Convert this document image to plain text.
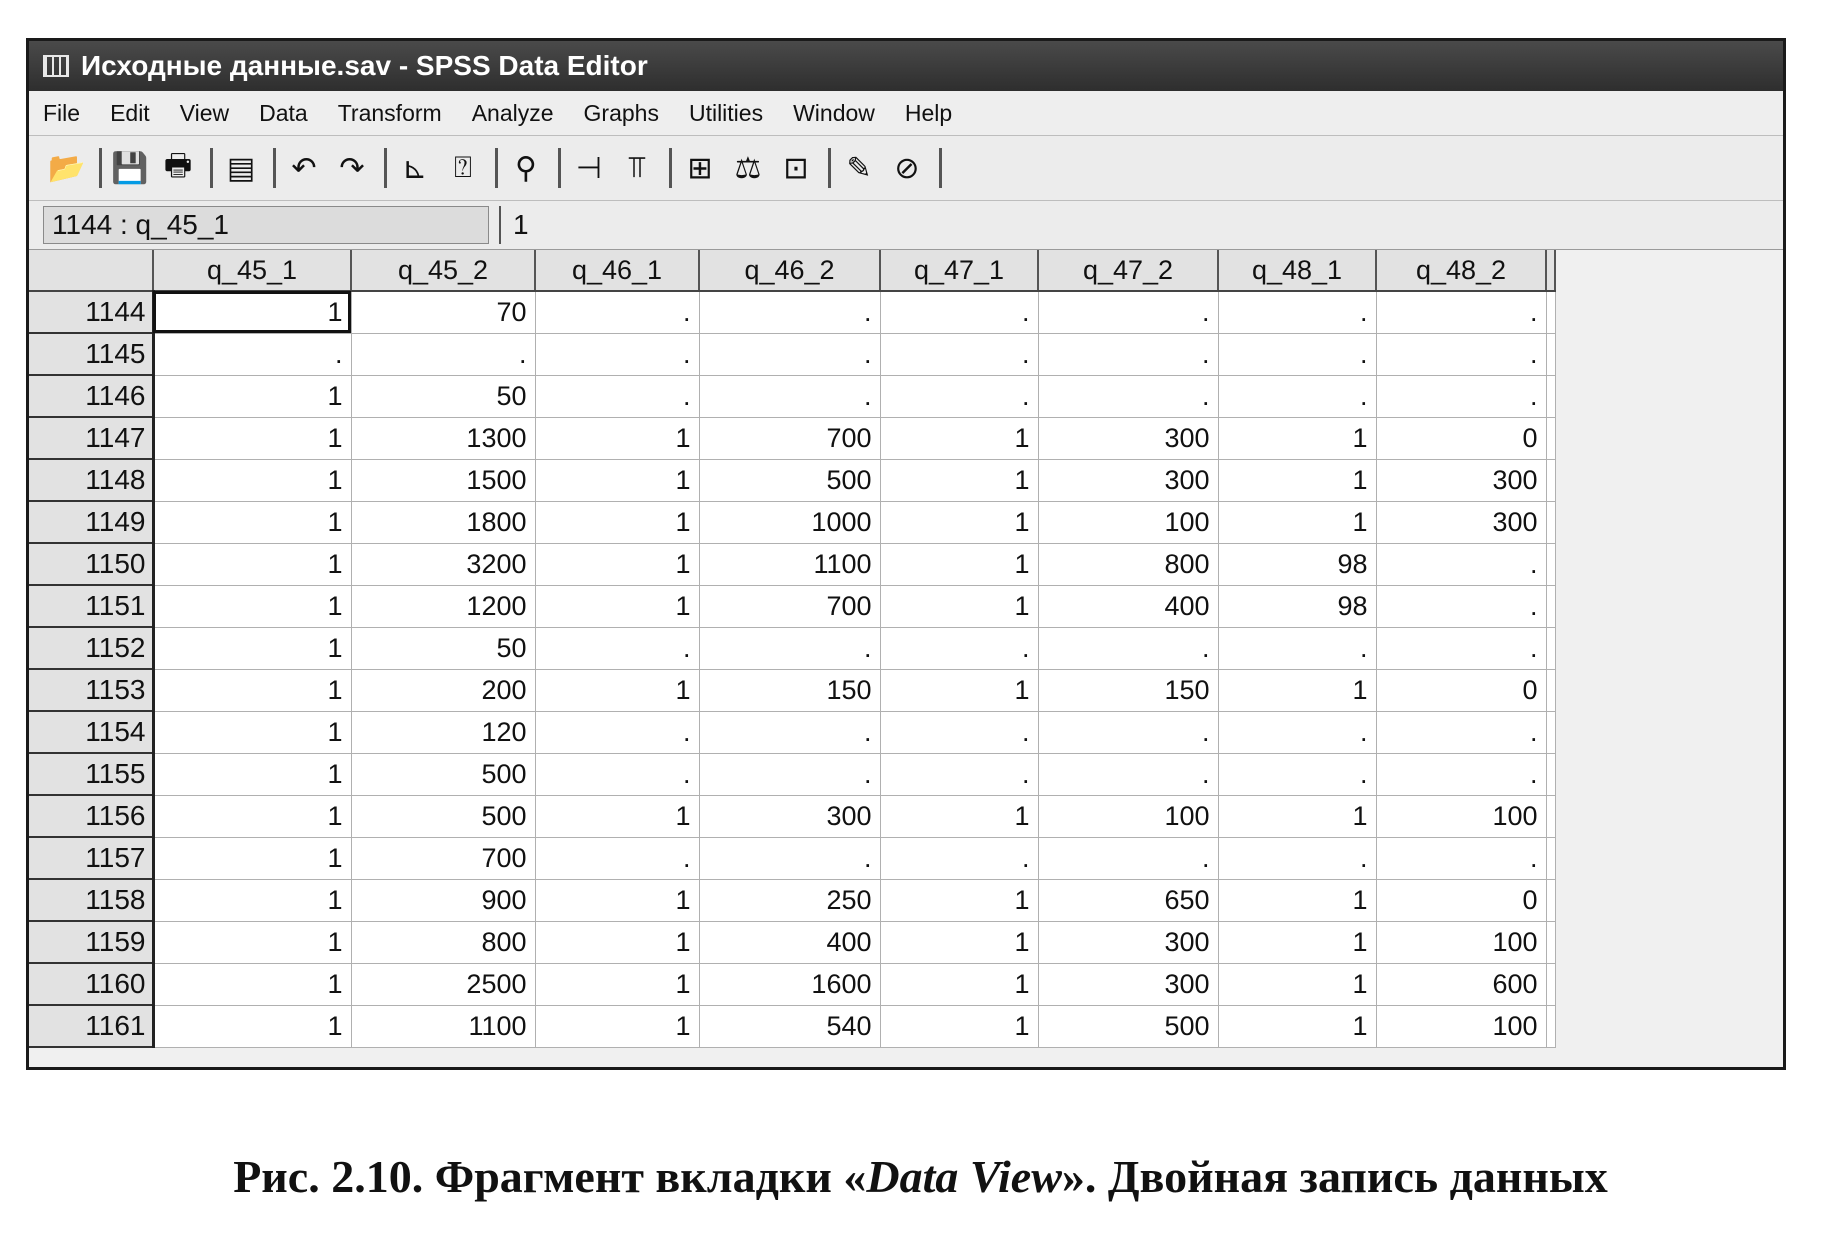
Исходные данные.sav - SPSS Data Editor
File Edit View Data Transform Analyze Graphs Utilities Window Help
📂 💾 🖶 ▤	↶ ↷	⊾ ⍰	⚲	⊣ ⫪	⊞ ⚖ ⊡	✎ ⊘
1144 : q_45_1	1
	q_45_1	q_45_2	q_46_1	q_46_2	q_47_1	q_47_2	q_48_1	q_48_2	
1144	1	70	.	.	.	.	.	.	
1145	.	.	.	.	.	.	.	.	
1146	1	50	.	.	.	.	.	.	
1147	1	1300	1	700	1	300	1	0	
1148	1	1500	1	500	1	300	1	300	
1149	1	1800	1	1000	1	100	1	300	
1150	1	3200	1	1100	1	800	98	.	
1151	1	1200	1	700	1	400	98	.	
1152	1	50	.	.	.	.	.	.	
1153	1	200	1	150	1	150	1	0	
1154	1	120	.	.	.	.	.	.	
1155	1	500	.	.	.	.	.	.	
1156	1	500	1	300	1	100	1	100	
1157	1	700	.	.	.	.	.	.	
1158	1	900	1	250	1	650	1	0	
1159	1	800	1	400	1	300	1	100	
1160	1	2500	1	1600	1	300	1	600	
1161	1	1100	1	540	1	500	1	100	
Рис. 2.10. Фрагмент вкладки «Data View». Двойная запись данных
